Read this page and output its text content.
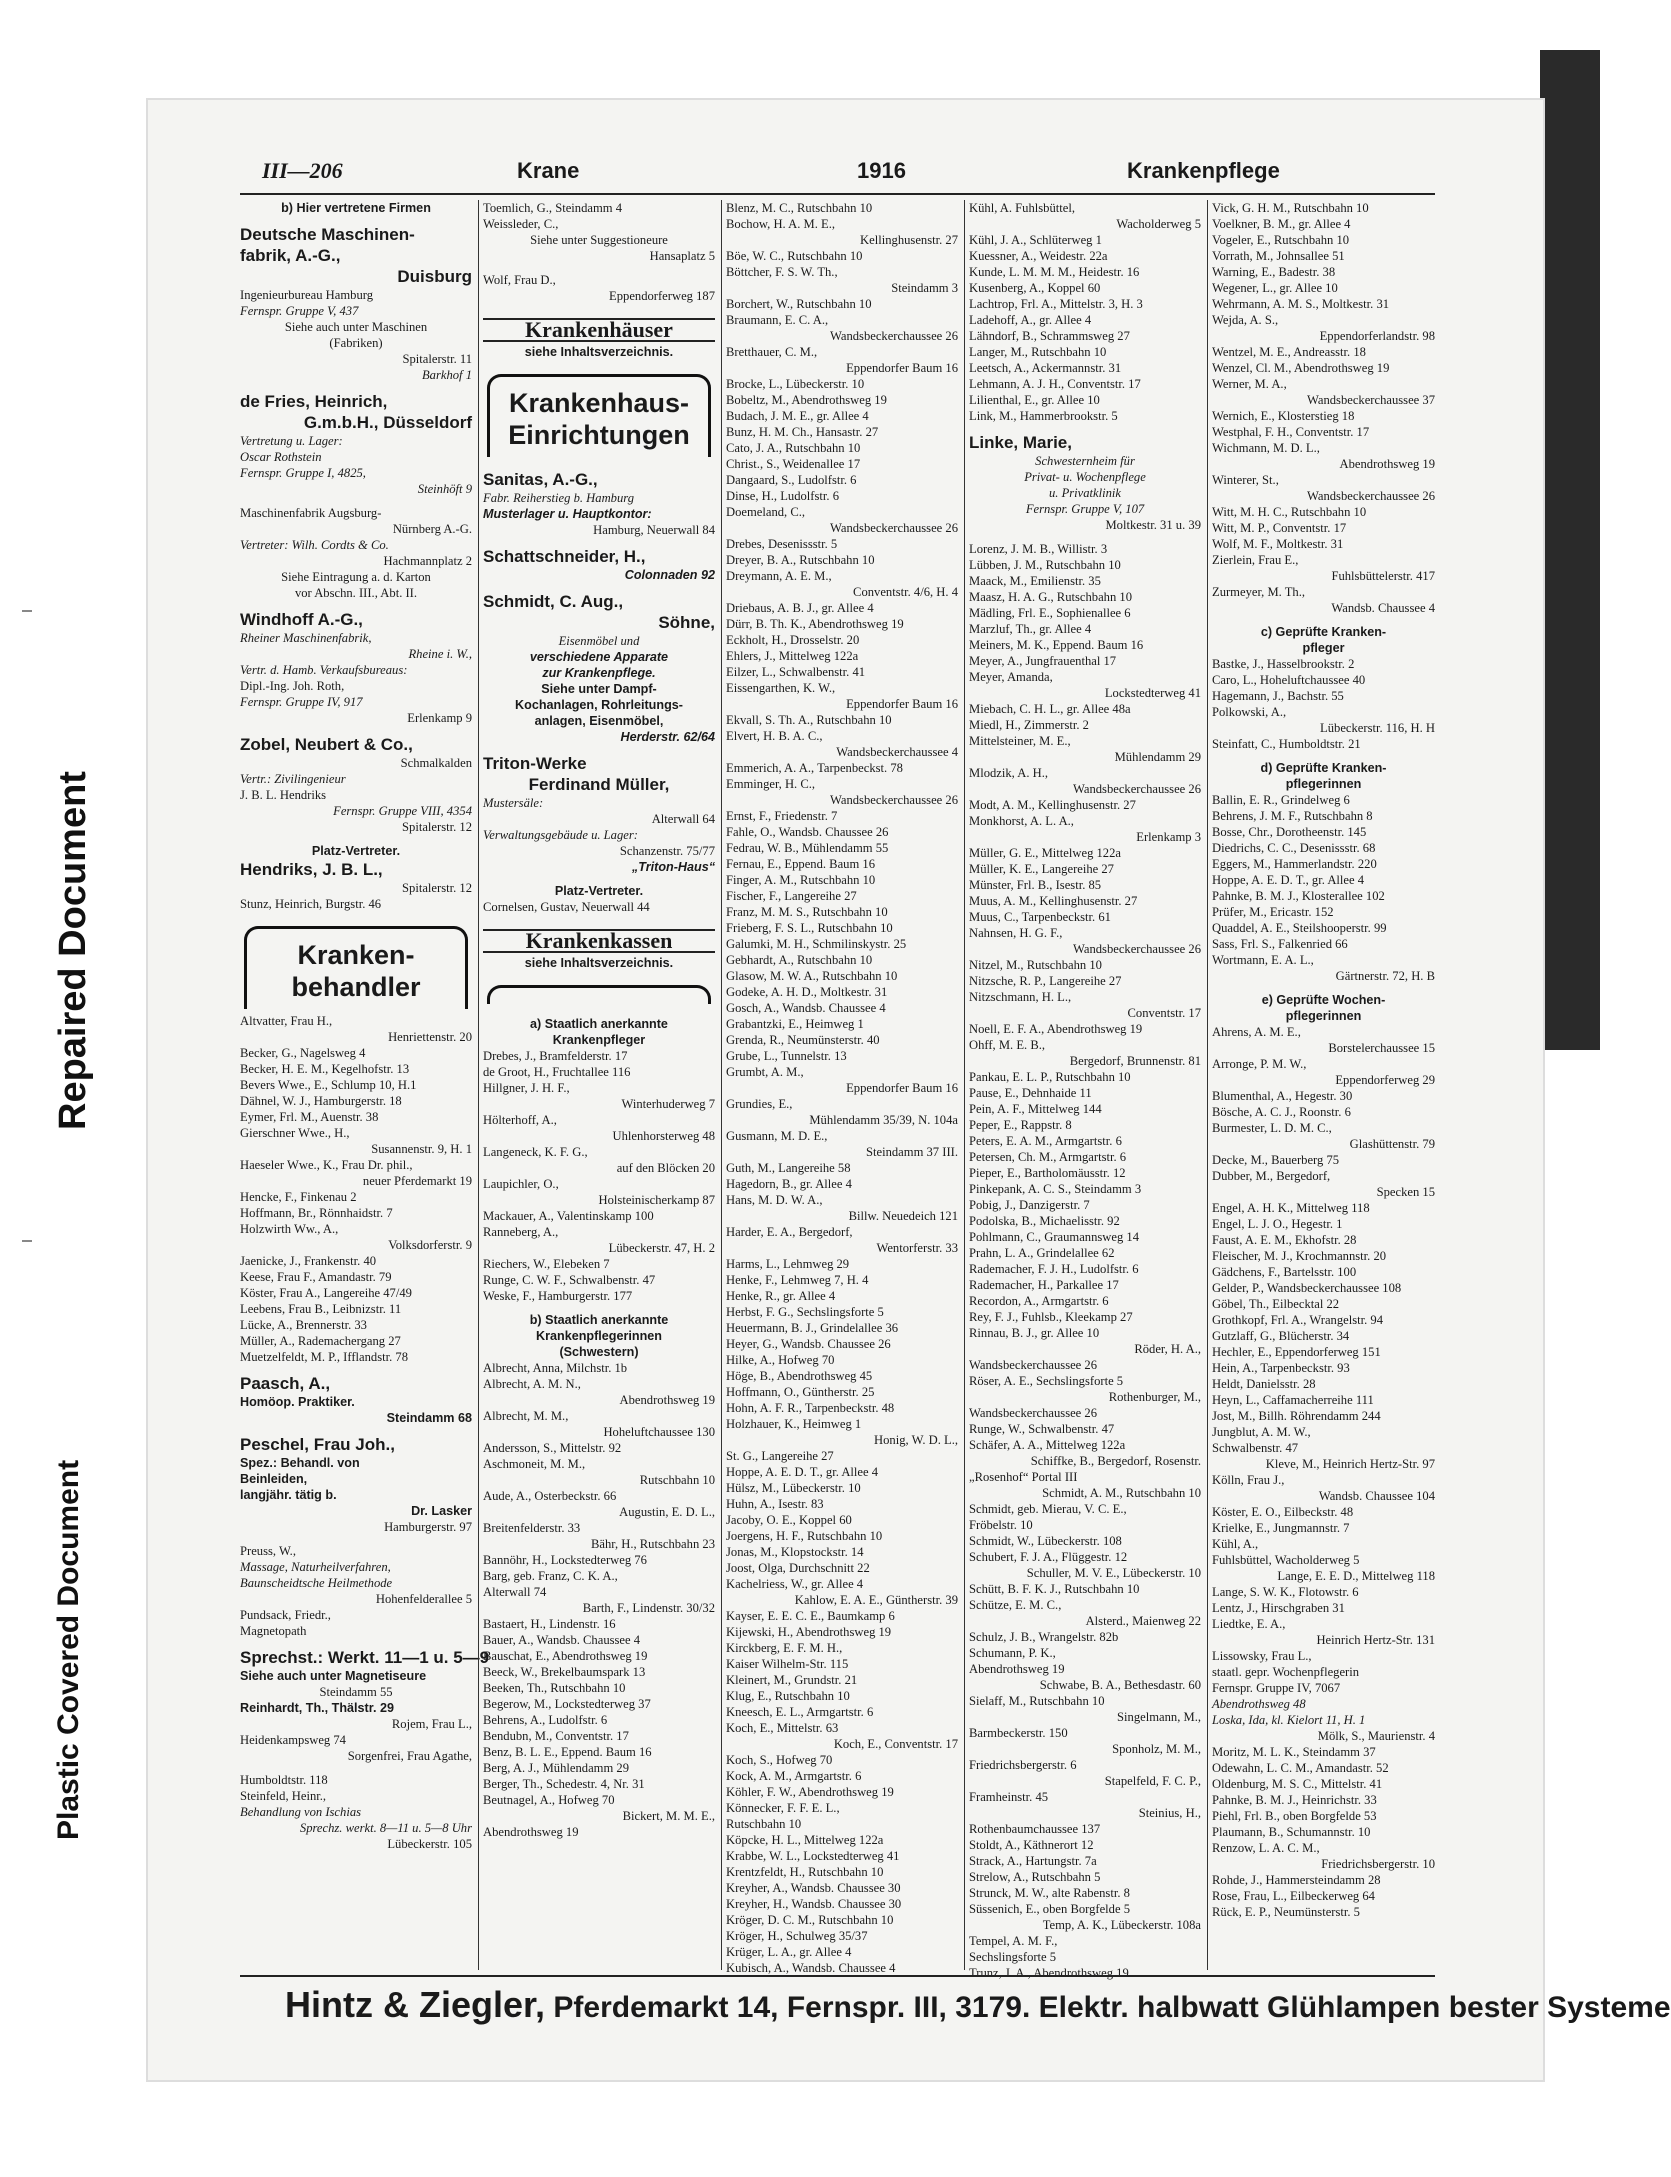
Repaired Document
Plastic Covered Document
III—206	Krane	1916	Krankenpflege
b) Hier vertretene Firmen
Deutsche Maschinen-
fabrik, A.-G.,
Duisburg
Ingenieurbureau Hamburg
Fernspr. Gruppe V, 437
Siehe auch unter Maschinen
(Fabriken)
Spitalerstr. 11
Barkhof 1
de Fries, Heinrich,
G.m.b.H., Düsseldorf
Vertretung u. Lager:
Oscar Rothstein
Fernspr. Gruppe I, 4825,
Steinhöft 9
Maschinenfabrik Augsburg-
Nürnberg A.-G.
Vertreter: Wilh. Cordts & Co.
Hachmannplatz 2
Siehe Eintragung a. d. Karton
vor Abschn. III., Abt. II.
Windhoff A.-G.,
Rheiner Maschinenfabrik,
Rheine i. W.,
Vertr. d. Hamb. Verkaufsbureaus:
Dipl.-Ing. Joh. Roth,
Fernspr. Gruppe IV, 917
Erlenkamp 9
Zobel, Neubert & Co.,
Schmalkalden
Vertr.: Zivilingenieur
J. B. L. Hendriks
Fernspr. Gruppe VIII, 4354
Spitalerstr. 12
Platz-Vertreter.
Hendriks, J. B. L.,
Spitalerstr. 12
Stunz, Heinrich, Burgstr. 46
Kranken-
behandler
Altvatter, Frau H.,
Henriettenstr. 20
Becker, G., Nagelsweg 4
Becker, H. E. M., Kegelhofstr. 13
Bevers Wwe., E., Schlump 10, H.1
Dähnel, W. J., Hamburgerstr. 18
Eymer, Frl. M., Auenstr. 38
Gierschner Wwe., H.,
Susannenstr. 9, H. 1
Haeseler Wwe., K., Frau Dr. phil.,
neuer Pferdemarkt 19
Hencke, F., Finkenau 2
Hoffmann, Br., Rönnhaidstr. 7
Holzwirth Ww., A.,
Volksdorferstr. 9
Jaenicke, J., Frankenstr. 40
Keese, Frau F., Amandastr. 79
Köster, Frau A., Langereihe 47/49
Leebens, Frau B., Leibnizstr. 11
Lücke, A., Brennerstr. 33
Müller, A., Rademachergang 27
Muetzelfeldt, M. P., Ifflandstr. 78
Paasch, A.,
Homöop. Praktiker.
Steindamm 68
Peschel, Frau Joh.,
Spez.: Behandl. von
Beinleiden,
langjähr. tätig b.
Dr. Lasker
Hamburgerstr. 97
Preuss, W.,
Massage, Naturheilverfahren,
Baunscheidtsche Heilmethode
Hohenfelderallee 5
Pundsack, Friedr.,
Magnetopath
Sprechst.: Werkt. 11—1 u. 5—9
Siehe auch unter Magnetiseure
Steindamm 55
Reinhardt, Th., Thälstr. 29
Rojem, Frau L.,
Heidenkampsweg 74
Sorgenfrei, Frau Agathe,
Humboldtstr. 118
Steinfeld, Heinr.,
Behandlung von Ischias
Sprechz. werkt. 8—11 u. 5—8 Uhr
Lübeckerstr. 105
Toemlich, G., Steindamm 4
Weissleder, C.,
Siehe unter Suggestioneure
Hansaplatz 5
Wolf, Frau D.,
Eppendorferweg 187
Krankenhäuser
siehe Inhaltsverzeichnis.
Krankenhaus-
Einrichtungen
Sanitas, A.-G.,
Fabr. Reiherstieg b. Hamburg
Musterlager u. Hauptkontor:
Hamburg, Neuerwall 84
Schattschneider, H.,
Colonnaden 92
Schmidt, C. Aug.,
Söhne,
Eisenmöbel und
verschiedene Apparate
zur Krankenpflege.
Siehe unter Dampf-
Kochanlagen, Rohrleitungs-
anlagen, Eisenmöbel,
Herderstr. 62/64
Triton-Werke
Ferdinand Müller,
Mustersäle:
Alterwall 64
Verwaltungsgebäude u. Lager:
Schanzenstr. 75/77
„Triton-Haus“
Platz-Vertreter.
Cornelsen, Gustav, Neuerwall 44
Krankenkassen
siehe Inhaltsverzeichnis.
a) Staatlich anerkannte
Krankenpfleger
Drebes, J., Bramfelderstr. 17
de Groot, H., Fruchtallee 116
Hillgner, J. H. F.,
Winterhuderweg 7
Hölterhoff, A.,
Uhlenhorsterweg 48
Langeneck, K. F. G.,
auf den Blöcken 20
Laupichler, O.,
Holsteinischerkamp 87
Mackauer, A., Valentinskamp 100
Ranneberg, A.,
Lübeckerstr. 47, H. 2
Riechers, W., Elebeken 7
Runge, C. W. F., Schwalbenstr. 47
Weske, F., Hamburgerstr. 177
b) Staatlich anerkannte
Krankenpflegerinnen
(Schwestern)
Albrecht, Anna, Milchstr. 1b
Albrecht, A. M. N.,
Abendrothsweg 19
Albrecht, M. M.,
Hoheluftchaussee 130
Andersson, S., Mittelstr. 92
Aschmoneit, M. M.,
Rutschbahn 10
Aude, A., Osterbeckstr. 66
Augustin, E. D. L.,
Breitenfelderstr. 33
Bähr, H., Rutschbahn 23
Bannöhr, H., Lockstedterweg 76
Barg, geb. Franz, C. K. A.,
Alterwall 74
Barth, F., Lindenstr. 30/32
Bastaert, H., Lindenstr. 16
Bauer, A., Wandsb. Chaussee 4
Bauschat, E., Abendrothsweg 19
Beeck, W., Brekelbaumspark 13
Beeken, Th., Rutschbahn 10
Begerow, M., Lockstedterweg 37
Behrens, A., Ludolfstr. 6
Bendubn, M., Conventstr. 17
Benz, B. L. E., Eppend. Baum 16
Berg, A. J., Mühlendamm 29
Berger, Th., Schedestr. 4, Nr. 31
Beutnagel, A., Hofweg 70
Bickert, M. M. E.,
Abendrothsweg 19
Blenz, M. C., Rutschbahn 10
Bochow, H. A. M. E.,
Kellinghusenstr. 27
Böe, W. C., Rutschbahn 10
Böttcher, F. S. W. Th.,
Steindamm 3
Borchert, W., Rutschbahn 10
Braumann, E. C. A.,
Wandsbeckerchaussee 26
Bretthauer, C. M.,
Eppendorfer Baum 16
Brocke, L., Lübeckerstr. 10
Bobeltz, M., Abendrothsweg 19
Budach, J. M. E., gr. Allee 4
Bunz, H. M. Ch., Hansastr. 27
Cato, J. A., Rutschbahn 10
Christ., S., Weidenallee 17
Dangaard, S., Ludolfstr. 6
Dinse, H., Ludolfstr. 6
Doemeland, C.,
Wandsbeckerchaussee 26
Drebes, Desenissstr. 5
Dreyer, B. A., Rutschbahn 10
Dreymann, A. E. M.,
Conventstr. 4/6, H. 4
Driebaus, A. B. J., gr. Allee 4
Dürr, B. Th. K., Abendrothsweg 19
Eckholt, H., Drosselstr. 20
Ehlers, J., Mittelweg 122a
Eilzer, L., Schwalbenstr. 41
Eissengarthen, K. W.,
Eppendorfer Baum 16
Ekvall, S. Th. A., Rutschbahn 10
Elvert, H. B. A. C.,
Wandsbeckerchaussee 4
Emmerich, A. A., Tarpenbeckst. 78
Emminger, H. C.,
Wandsbeckerchaussee 26
Ernst, F., Friedenstr. 7
Fahle, O., Wandsb. Chaussee 26
Fedrau, W. B., Mühlendamm 55
Fernau, E., Eppend. Baum 16
Finger, A. M., Rutschbahn 10
Fischer, F., Langereihe 27
Franz, M. M. S., Rutschbahn 10
Frieberg, F. S. L., Rutschbahn 10
Galumki, M. H., Schmilinskystr. 25
Gebhardt, A., Rutschbahn 10
Glasow, M. W. A., Rutschbahn 10
Godeke, A. H. D., Moltkestr. 31
Gosch, A., Wandsb. Chaussee 4
Grabantzki, E., Heimweg 1
Grenda, R., Neumünsterstr. 40
Grube, L., Tunnelstr. 13
Grumbt, A. M.,
Eppendorfer Baum 16
Grundies, E.,
Mühlendamm 35/39, N. 104a
Gusmann, M. D. E.,
Steindamm 37 III.
Guth, M., Langereihe 58
Hagedorn, B., gr. Allee 4
Hans, M. D. W. A.,
Billw. Neuedeich 121
Harder, E. A., Bergedorf,
Wentorferstr. 33
Harms, L., Lehmweg 29
Henke, F., Lehmweg 7, H. 4
Henke, R., gr. Allee 4
Herbst, F. G., Sechslingsforte 5
Heuermann, B. J., Grindelallee 36
Heyer, G., Wandsb. Chaussee 26
Hilke, A., Hofweg 70
Höge, B., Abendrothsweg 45
Hoffmann, O., Güntherstr. 25
Hohn, A. F. R., Tarpenbeckstr. 48
Holzhauer, K., Heimweg 1
Honig, W. D. L.,
St. G., Langereihe 27
Hoppe, A. E. D. T., gr. Allee 4
Hülsz, M., Lübeckerstr. 10
Huhn, A., Isestr. 83
Jacoby, O. E., Koppel 60
Joergens, H. F., Rutschbahn 10
Jonas, M., Klopstockstr. 14
Joost, Olga, Durchschnitt 22
Kachelriess, W., gr. Allee 4
Kahlow, E. A. E., Güntherstr. 39
Kayser, E. E. C. E., Baumkamp 6
Kijewski, H., Abendrothsweg 19
Kirckberg, E. F. M. H.,
Kaiser Wilhelm-Str. 115
Kleinert, M., Grundstr. 21
Klug, E., Rutschbahn 10
Kneesch, E. L., Armgartstr. 6
Koch, E., Mittelstr. 63
Koch, E., Conventstr. 17
Koch, S., Hofweg 70
Kock, A. M., Armgartstr. 6
Köhler, F. W., Abendrothsweg 19
Könnecker, F. F. E. L.,
Rutschbahn 10
Köpcke, H. L., Mittelweg 122a
Krabbe, W. L., Lockstedterweg 41
Krentzfeldt, H., Rutschbahn 10
Kreyher, A., Wandsb. Chaussee 30
Kreyher, H., Wandsb. Chaussee 30
Kröger, D. C. M., Rutschbahn 10
Kröger, H., Schulweg 35/37
Krüger, L. A., gr. Allee 4
Kubisch, A., Wandsb. Chaussee 4
Kühl, A. Fuhlsbüttel,
Wacholderweg 5
Kühl, J. A., Schlüterweg 1
Kuessner, A., Weidestr. 22a
Kunde, L. M. M. M., Heidestr. 16
Kusenberg, A., Koppel 60
Lachtrop, Frl. A., Mittelstr. 3, H. 3
Ladehoff, A., gr. Allee 4
Lähndorf, B., Schrammsweg 27
Langer, M., Rutschbahn 10
Leetsch, A., Ackermannstr. 31
Lehmann, A. J. H., Conventstr. 17
Lilienthal, E., gr. Allee 10
Link, M., Hammerbrookstr. 5
Linke, Marie,
Schwesternheim für
Privat- u. Wochenpflege
u. Privatklinik
Fernspr. Gruppe V, 107
Moltkestr. 31 u. 39
Lorenz, J. M. B., Willistr. 3
Lübben, J. M., Rutschbahn 10
Maack, M., Emilienstr. 35
Maasz, H. A. G., Rutschbahn 10
Mädling, Frl. E., Sophienallee 6
Marzluf, Th., gr. Allee 4
Meiners, M. K., Eppend. Baum 16
Meyer, A., Jungfrauenthal 17
Meyer, Amanda,
Lockstedterweg 41
Miebach, C. H. L., gr. Allee 48a
Miedl, H., Zimmerstr. 2
Mittelsteiner, M. E.,
Mühlendamm 29
Mlodzik, A. H.,
Wandsbeckerchaussee 26
Modt, A. M., Kellinghusenstr. 27
Monkhorst, A. L. A.,
Erlenkamp 3
Müller, G. E., Mittelweg 122a
Müller, K. E., Langereihe 27
Münster, Frl. B., Isestr. 85
Muus, A. M., Kellinghusenstr. 27
Muus, C., Tarpenbeckstr. 61
Nahnsen, H. G. F.,
Wandsbeckerchaussee 26
Nitzel, M., Rutschbahn 10
Nitzsche, R. P., Langereihe 27
Nitzschmann, H. L.,
Conventstr. 17
Noell, E. F. A., Abendrothsweg 19
Ohff, M. E. B.,
Bergedorf, Brunnenstr. 81
Pankau, E. L. P., Rutschbahn 10
Pause, E., Dehnhaide 11
Pein, A. F., Mittelweg 144
Peper, E., Rappstr. 8
Peters, E. A. M., Armgartstr. 6
Petersen, Ch. M., Armgartstr. 6
Pieper, E., Bartholomäusstr. 12
Pinkepank, A. C. S., Steindamm 3
Pobig, J., Danzigerstr. 7
Podolska, B., Michaelisstr. 92
Pohlmann, C., Graumannsweg 14
Prahn, L. A., Grindelallee 62
Rademacher, F. J. H., Ludolfstr. 6
Rademacher, H., Parkallee 17
Recordon, A., Armgartstr. 6
Rey, F. J., Fuhlsb., Kleekamp 27
Rinnau, B. J., gr. Allee 10
Röder, H. A.,
Wandsbeckerchaussee 26
Röser, A. E., Sechslingsforte 5
Rothenburger, M.,
Wandsbeckerchaussee 26
Runge, W., Schwalbenstr. 47
Schäfer, A. A., Mittelweg 122a
Schiffke, B., Bergedorf, Rosenstr.
„Rosenhof“ Portal III
Schmidt, A. M., Rutschbahn 10
Schmidt, geb. Mierau, V. C. E.,
Fröbelstr. 10
Schmidt, W., Lübeckerstr. 108
Schubert, F. J. A., Flüggestr. 12
Schuller, M. V. E., Lübeckerstr. 10
Schütt, B. F. K. J., Rutschbahn 10
Schütze, E. M. C.,
Alsterd., Maienweg 22
Schulz, J. B., Wrangelstr. 82b
Schumann, P. K.,
Abendrothsweg 19
Schwabe, B. A., Bethesdastr. 60
Sielaff, M., Rutschbahn 10
Singelmann, M.,
Barmbeckerstr. 150
Sponholz, M. M.,
Friedrichsbergerstr. 6
Stapelfeld, F. C. P.,
Framheinstr. 45
Steinius, H.,
Rothenbaumchaussee 137
Stoldt, A., Käthnerort 12
Strack, A., Hartungstr. 7a
Strelow, A., Rutschbahn 5
Strunck, M. W., alte Rabenstr. 8
Süssenich, E., oben Borgfelde 5
Temp, A. K., Lübeckerstr. 108a
Tempel, A. M. F.,
Sechslingsforte 5
Trunz, J. A., Abendrothsweg 19
Vick, G. H. M., Rutschbahn 10
Voelkner, B. M., gr. Allee 4
Vogeler, E., Rutschbahn 10
Vorrath, M., Johnsallee 51
Warning, E., Badestr. 38
Wegener, L., gr. Allee 10
Wehrmann, A. M. S., Moltkestr. 31
Wejda, A. S.,
Eppendorferlandstr. 98
Wentzel, M. E., Andreasstr. 18
Wenzel, Cl. M., Abendrothsweg 19
Werner, M. A.,
Wandsbeckerchaussee 37
Wernich, E., Klosterstieg 18
Westphal, F. H., Conventstr. 17
Wichmann, M. D. L.,
Abendrothsweg 19
Winterer, St.,
Wandsbeckerchaussee 26
Witt, M. H. C., Rutschbahn 10
Witt, M. P., Conventstr. 17
Wolf, M. F., Moltkestr. 31
Zierlein, Frau E.,
Fuhlsbüttelerstr. 417
Zurmeyer, M. Th.,
Wandsb. Chaussee 4
c) Geprüfte Kranken-
pfleger
Bastke, J., Hasselbrookstr. 2
Caro, L., Hoheluftchaussee 40
Hagemann, J., Bachstr. 55
Polkowski, A.,
Lübeckerstr. 116, H. H
Steinfatt, C., Humboldtstr. 21
d) Geprüfte Kranken-
pflegerinnen
Ballin, E. R., Grindelweg 6
Behrens, J. M. F., Rutschbahn 8
Bosse, Chr., Dorotheenstr. 145
Diedrichs, C. C., Desenissstr. 68
Eggers, M., Hammerlandstr. 220
Hoppe, A. E. D. T., gr. Allee 4
Pahnke, B. M. J., Klosterallee 102
Prüfer, M., Ericastr. 152
Quaddel, A. E., Steilshooperstr. 99
Sass, Frl. S., Falkenried 66
Wortmann, E. A. L.,
Gärtnerstr. 72, H. B
e) Geprüfte Wochen-
pflegerinnen
Ahrens, A. M. E.,
Borstelerchaussee 15
Arronge, P. M. W.,
Eppendorferweg 29
Blumenthal, A., Hegestr. 30
Bösche, A. C. J., Roonstr. 6
Burmester, L. D. M. C.,
Glashüttenstr. 79
Decke, M., Bauerberg 75
Dubber, M., Bergedorf,
Specken 15
Engel, A. H. K., Mittelweg 118
Engel, L. J. O., Hegestr. 1
Faust, A. E. M., Ekhofstr. 28
Fleischer, M. J., Krochmannstr. 20
Gädchens, F., Bartelsstr. 100
Gelder, P., Wandsbeckerchaussee 108
Göbel, Th., Eilbecktal 22
Grothkopf, Frl. A., Wrangelstr. 94
Gutzlaff, G., Blücherstr. 34
Hechler, E., Eppendorferweg 151
Hein, A., Tarpenbeckstr. 93
Heldt, Danielsstr. 28
Heyn, L., Caffamacherreihe 111
Jost, M., Billh. Röhrendamm 244
Jungblut, A. M. W.,
Schwalbenstr. 47
Kleve, M., Heinrich Hertz-Str. 97
Kölln, Frau J.,
Wandsb. Chaussee 104
Köster, E. O., Eilbeckstr. 48
Krielke, E., Jungmannstr. 7
Kühl, A.,
Fuhlsbüttel, Wacholderweg 5
Lange, E. E. D., Mittelweg 118
Lange, S. W. K., Flotowstr. 6
Lentz, J., Hirschgraben 31
Liedtke, E. A.,
Heinrich Hertz-Str. 131
Lissowsky, Frau L.,
staatl. gepr. Wochenpflegerin
Fernspr. Gruppe IV, 7067
Abendrothsweg 48
Loska, Ida, kl. Kielort 11, H. 1
Mölk, S., Maurienstr. 4
Moritz, M. L. K., Steindamm 37
Odewahn, L. C. M., Amandastr. 52
Oldenburg, M. S. C., Mittelstr. 41
Pahnke, B. M. J., Heinrichstr. 33
Piehl, Frl. B., oben Borgfelde 53
Plaumann, B., Schumannstr. 10
Renzow, L. A. C. M.,
Friedrichsbergerstr. 10
Rohde, J., Hammersteindamm 28
Rose, Frau, L., Eilbeckerweg 64
Rück, E. P., Neumünsterstr. 5
Hintz & Ziegler, Pferdemarkt 14, Fernspr. III, 3179. Elektr. halbwatt Glühlampen bester Systeme
